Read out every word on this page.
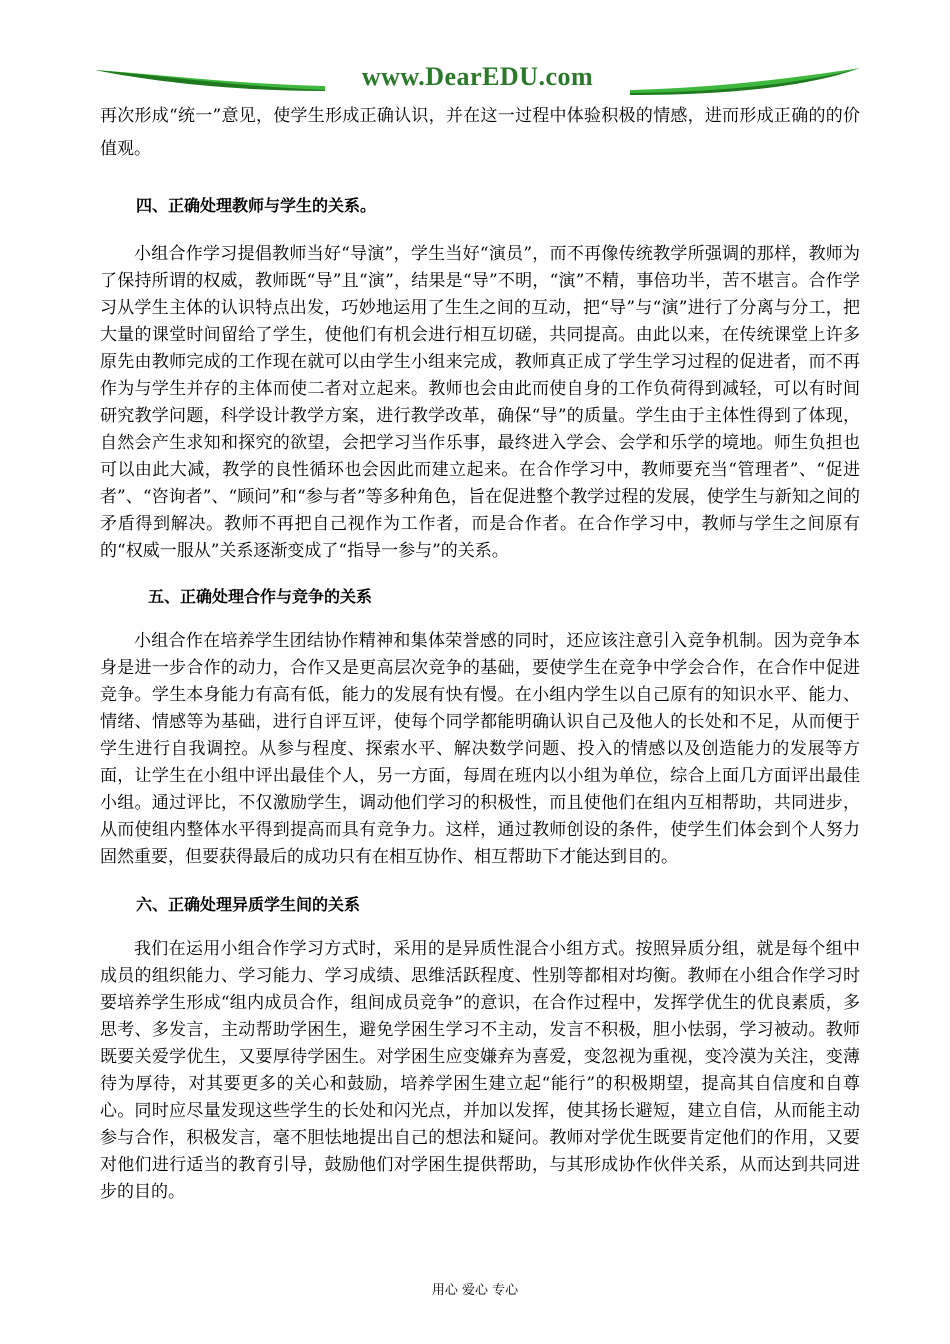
www.DearEDU.com

再次形成“统一”意见，使学生形成正确认识，并在这一过程中体验积极的情感，进而形成正确的的价值观。

四、正确处理教师与学生的关系。

小组合作学习提倡教师当好“导演”，学生当好“演员”，而不再像传统教学所强调的那样，教师为了保持所谓的权威，教师既“导”且“演”，结果是“导”不明，“演”不精，事倍功半，苦不堪言。合作学习从学生主体的认识特点出发，巧妙地运用了生生之间的互动，把“导”与“演”进行了分离与分工，把大量的课堂时间留给了学生，使他们有机会进行相互切磋，共同提高。由此以来，在传统课堂上许多原先由教师完成的工作现在就可以由学生小组来完成，教师真正成了学生学习过程的促进者，而不再作为与学生并存的主体而使二者对立起来。教师也会由此而使自身的工作负荷得到减轻，可以有时间研究教学问题，科学设计教学方案，进行教学改革，确保“导”的质量。学生由于主体性得到了体现，自然会产生求知和探究的欲望，会把学习当作乐事，最终进入学会、会学和乐学的境地。师生负担也可以由此大减，教学的良性循环也会因此而建立起来。在合作学习中，教师要充当“管理者”、“促进者”、“咨询者”、“顾问”和“参与者”等多种角色，旨在促进整个教学过程的发展，使学生与新知之间的矛盾得到解决。教师不再把自己视作为工作者，而是合作者。在合作学习中，教师与学生之间原有的“权威一服从”关系逐渐变成了“指导一参与”的关系。

五、正确处理合作与竞争的关系

小组合作在培养学生团结协作精神和集体荣誉感的同时，还应该注意引入竞争机制。因为竞争本身是进一步合作的动力，合作又是更高层次竞争的基础，要使学生在竞争中学会合作，在合作中促进竞争。学生本身能力有高有低，能力的发展有快有慢。在小组内学生以自己原有的知识水平、能力、情绪、情感等为基础，进行自评互评，使每个同学都能明确认识自己及他人的长处和不足，从而便于学生进行自我调控。从参与程度、探索水平、解决数学问题、投入的情感以及创造能力的发展等方面，让学生在小组中评出最佳个人，另一方面，每周在班内以小组为单位，综合上面几方面评出最佳小组。通过评比，不仅激励学生，调动他们学习的积极性，而且使他们在组内互相帮助，共同进步，从而使组内整体水平得到提高而具有竞争力。这样，通过教师创设的条件，使学生们体会到个人努力固然重要，但要获得最后的成功只有在相互协作、相互帮助下才能达到目的。

六、正确处理异质学生间的关系

我们在运用小组合作学习方式时，采用的是异质性混合小组方式。按照异质分组，就是每个组中成员的组织能力、学习能力、学习成绩、思维活跃程度、性别等都相对均衡。教师在小组合作学习时要培养学生形成“组内成员合作，组间成员竞争”的意识，在合作过程中，发挥学优生的优良素质，多思考、多发言，主动帮助学困生，避免学困生学习不主动，发言不积极，胆小怯弱，学习被动。教师既要关爱学优生，又要厚待学困生。对学困生应变嫌弃为喜爱，变忽视为重视，变冷漠为关注，变薄待为厚待，对其要更多的关心和鼓励，培养学困生建立起“能行”的积极期望，提高其自信度和自尊心。同时应尽量发现这些学生的长处和闪光点，并加以发挥，使其扬长避短，建立自信，从而能主动参与合作，积极发言，毫不胆怯地提出自己的想法和疑问。教师对学优生既要肯定他们的作用，又要对他们进行适当的教育引导，鼓励他们对学困生提供帮助，与其形成协作伙伴关系，从而达到共同进步的目的。

用心 爱心 专心
